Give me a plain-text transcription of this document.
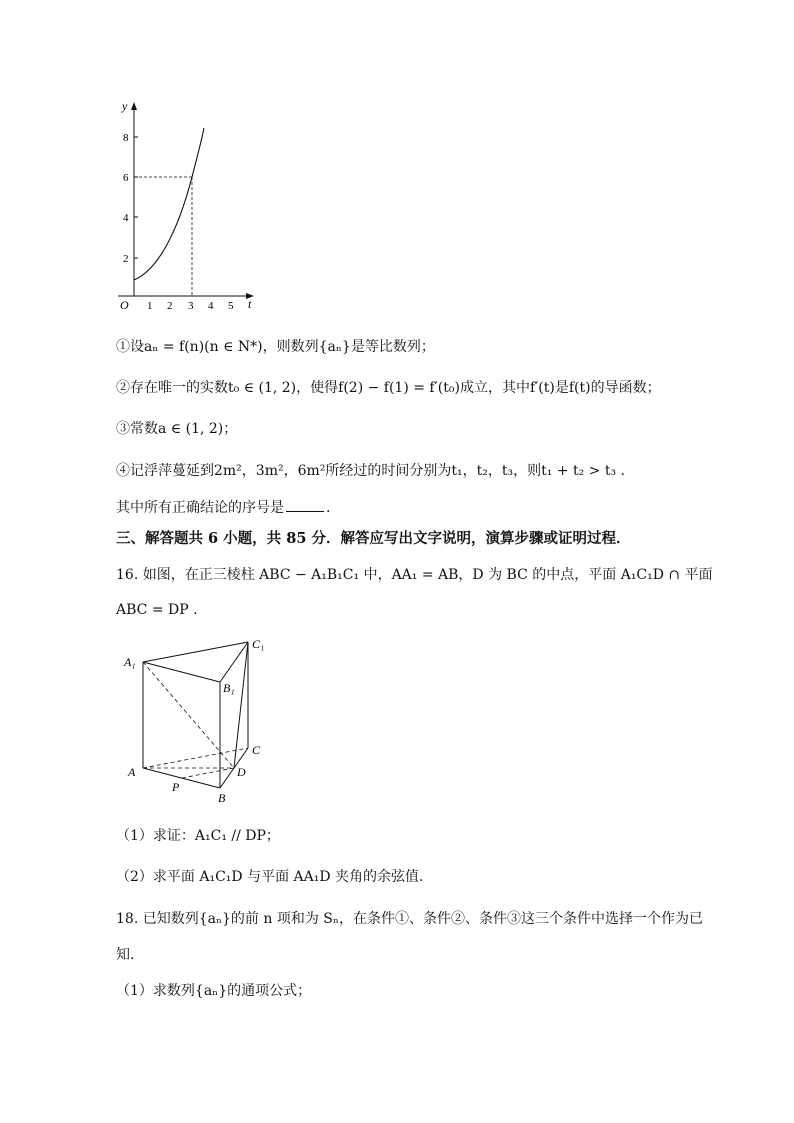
y
t
O
2
4
6
8
1 2 3 4 5
①设aₙ = f(n)(n ∈ N*)，则数列{aₙ}是等比数列；
②存在唯一的实数t₀ ∈ (1, 2)，使得f(2) − f(1) = f′(t₀)成立，其中f′(t)是f(t)的导函数；
③常数a ∈ (1, 2)；
④记浮萍蔓延到2m²，3m²，6m²所经过的时间分别为t₁，t₂，t₃，则t₁ + t₂ > t₃ .
其中所有正确结论的序号是	.
三、解答题共 6 小题，共 85 分．解答应写出文字说明，演算步骤或证明过程．
16. 如图，在正三棱柱 ABC − A₁B₁C₁ 中，AA₁ = AB，D 为 BC 的中点，平面 A₁C₁D ∩ 平面
ABC = DP .
A₁
C₁
B₁
C
A	D
P
B
（1）求证：A₁C₁ // DP；
（2）求平面 A₁C₁D 与平面 AA₁D 夹角的余弦值．
18. 已知数列{aₙ}的前 n 项和为 Sₙ，在条件①、条件②、条件③这三个条件中选择一个作为已
知．
（1）求数列{aₙ}的通项公式；
